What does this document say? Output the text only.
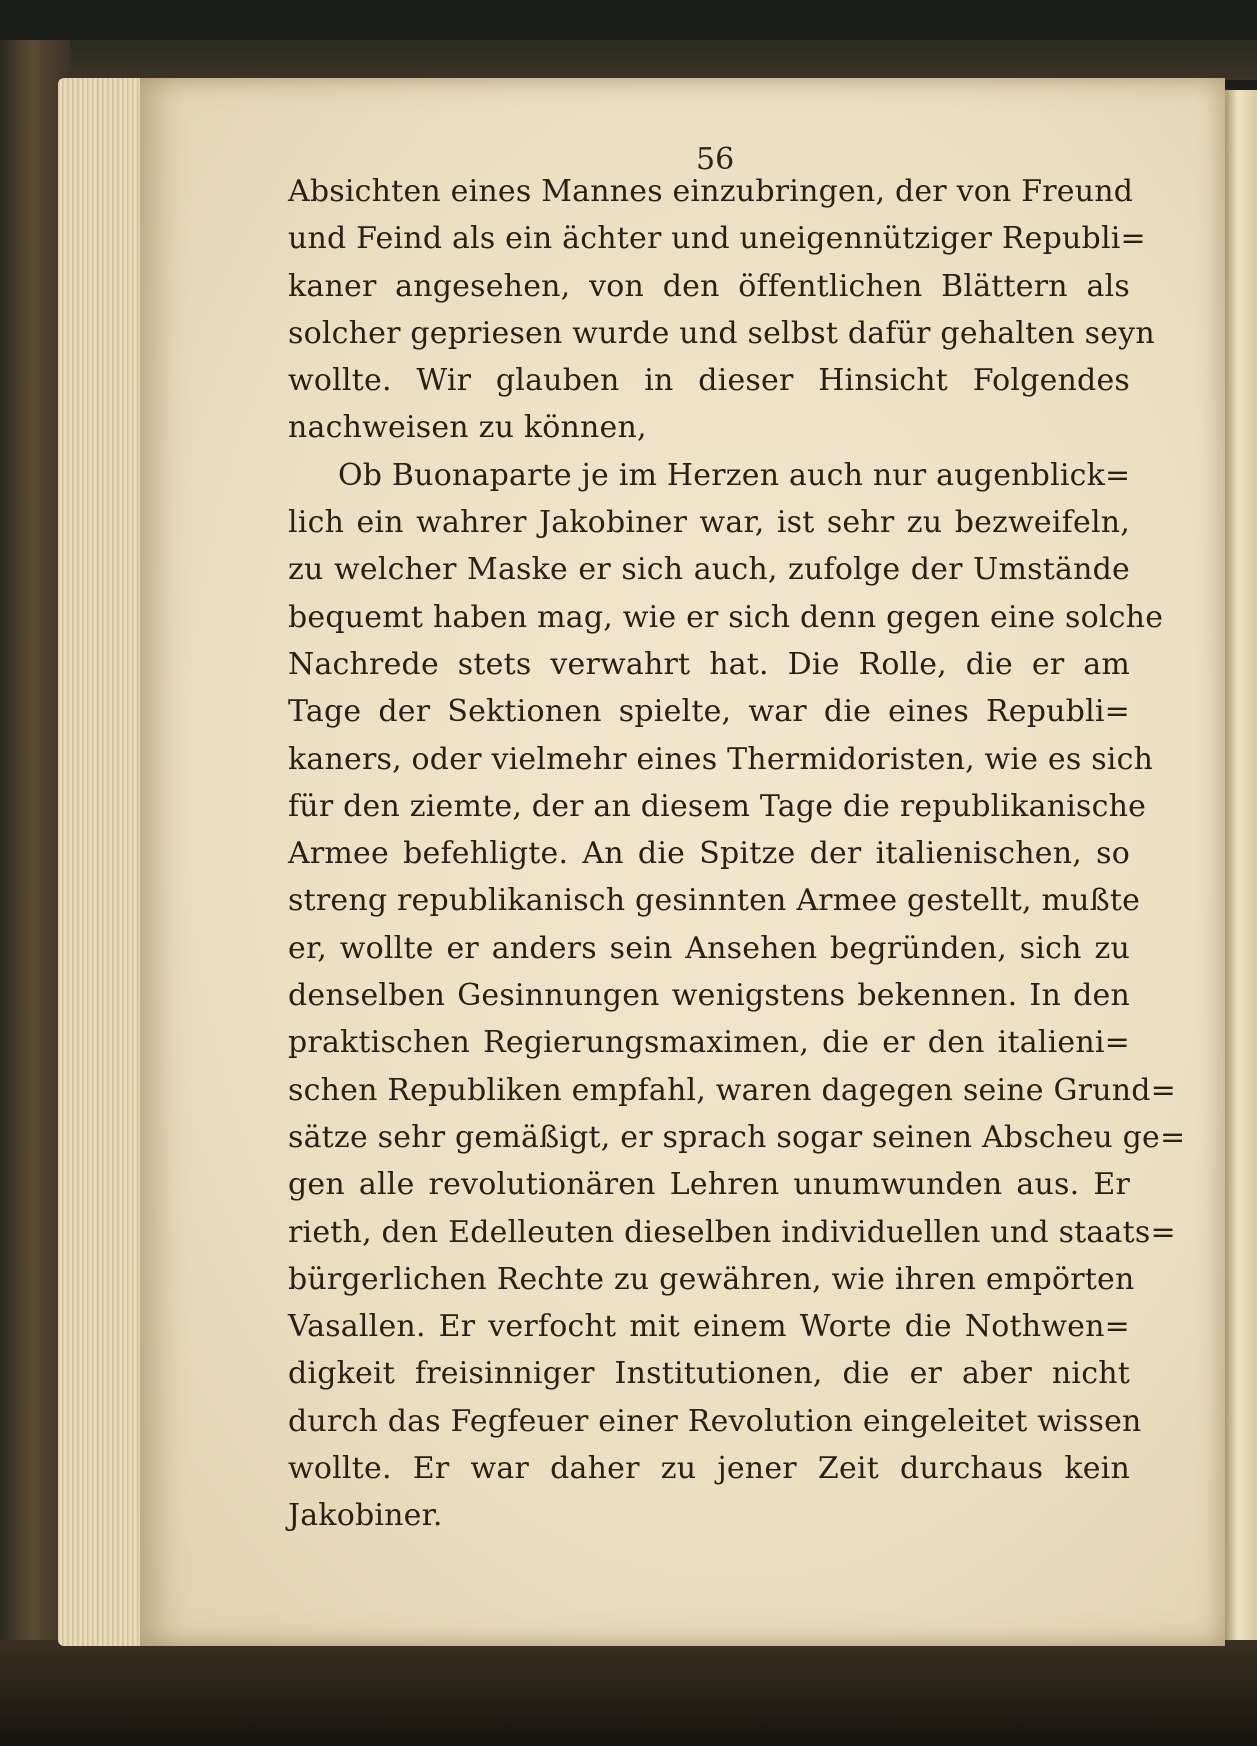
56
Absichten eines Mannes einzubringen, der von Freund
und Feind als ein ächter und uneigennütziger Republi=
kaner angesehen, von den öffentlichen Blättern als
solcher gepriesen wurde und selbst dafür gehalten seyn
wollte. Wir glauben in dieser Hinsicht Folgendes
nachweisen zu können,
Ob Buonaparte je im Herzen auch nur augenblick=
lich ein wahrer Jakobiner war, ist sehr zu bezweifeln,
zu welcher Maske er sich auch, zufolge der Umstände
bequemt haben mag, wie er sich denn gegen eine solche
Nachrede stets verwahrt hat. Die Rolle, die er am
Tage der Sektionen spielte, war die eines Republi=
kaners, oder vielmehr eines Thermidoristen, wie es sich
für den ziemte, der an diesem Tage die republikanische
Armee befehligte. An die Spitze der italienischen, so
streng republikanisch gesinnten Armee gestellt, mußte
er, wollte er anders sein Ansehen begründen, sich zu
denselben Gesinnungen wenigstens bekennen. In den
praktischen Regierungsmaximen, die er den italieni=
schen Republiken empfahl, waren dagegen seine Grund=
sätze sehr gemäßigt, er sprach sogar seinen Abscheu ge=
gen alle revolutionären Lehren unumwunden aus. Er
rieth, den Edelleuten dieselben individuellen und staats=
bürgerlichen Rechte zu gewähren, wie ihren empörten
Vasallen. Er verfocht mit einem Worte die Nothwen=
digkeit freisinniger Institutionen, die er aber nicht
durch das Fegfeuer einer Revolution eingeleitet wissen
wollte. Er war daher zu jener Zeit durchaus kein
Jakobiner.
